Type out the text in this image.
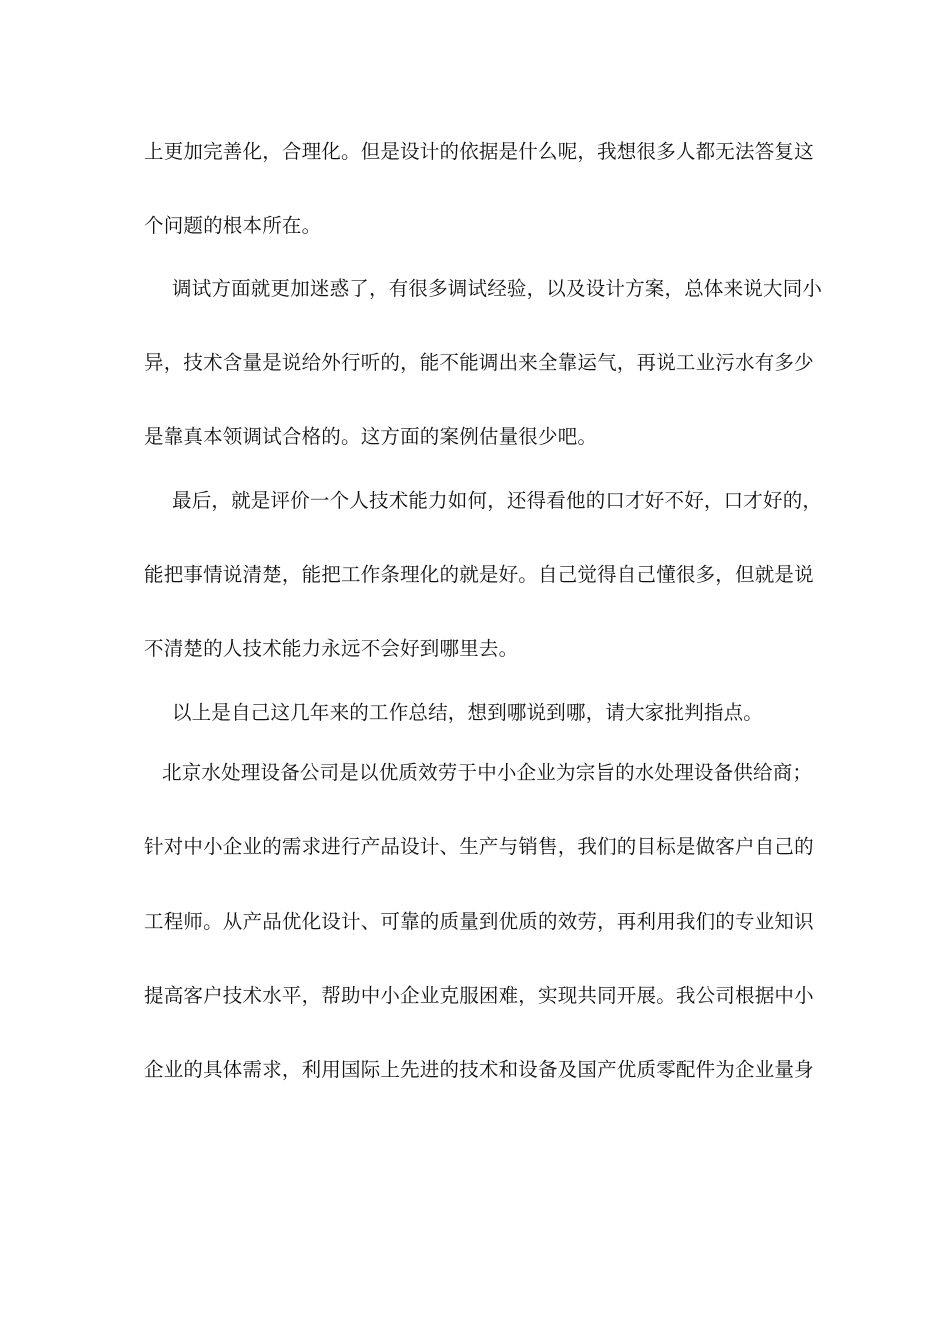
上更加完善化，合理化。但是设计的依据是什么呢，我想很多人都无法答复这
个问题的根本所在。
调试方面就更加迷惑了，有很多调试经验，以及设计方案，总体来说大同小
异，技术含量是说给外行听的，能不能调出来全靠运气，再说工业污水有多少
是靠真本领调试合格的。这方面的案例估量很少吧。
最后，就是评价一个人技术能力如何，还得看他的口才好不好，口才好的，
能把事情说清楚，能把工作条理化的就是好。自己觉得自己懂很多，但就是说
不清楚的人技术能力永远不会好到哪里去。
以上是自己这几年来的工作总结，想到哪说到哪，请大家批判指点。
北京水处理设备公司是以优质效劳于中小企业为宗旨的水处理设备供给商；
针对中小企业的需求进行产品设计、生产与销售，我们的目标是做客户自己的
工程师。从产品优化设计、可靠的质量到优质的效劳，再利用我们的专业知识
提高客户技术水平，帮助中小企业克服困难，实现共同开展。我公司根据中小
企业的具体需求，利用国际上先进的技术和设备及国产优质零配件为企业量身
